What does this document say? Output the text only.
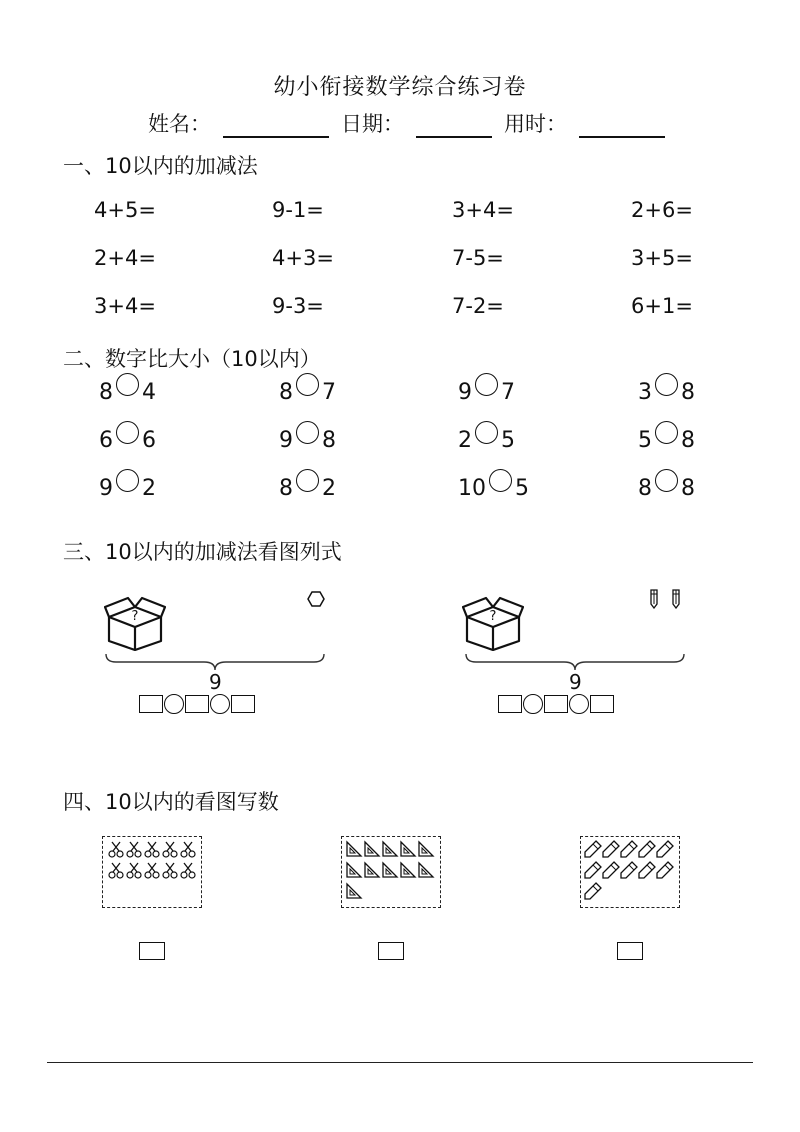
幼小衔接数学综合练习卷
姓名：	日期：	用时：
一、10以内的加减法
4+5=	9-1=	3+4=	2+6=
2+4=	4+3=	7-5=	3+5=
3+4=	9-3=	7-2=	6+1=
二、数字比大小（10以内）
8 4	8 7	9 7	3 8
6 6	9 8	2 5	5 8
9 2	8 2	10 5	8 8
三、10以内的加减法看图列式
?
9
?
9
四、10以内的看图写数
